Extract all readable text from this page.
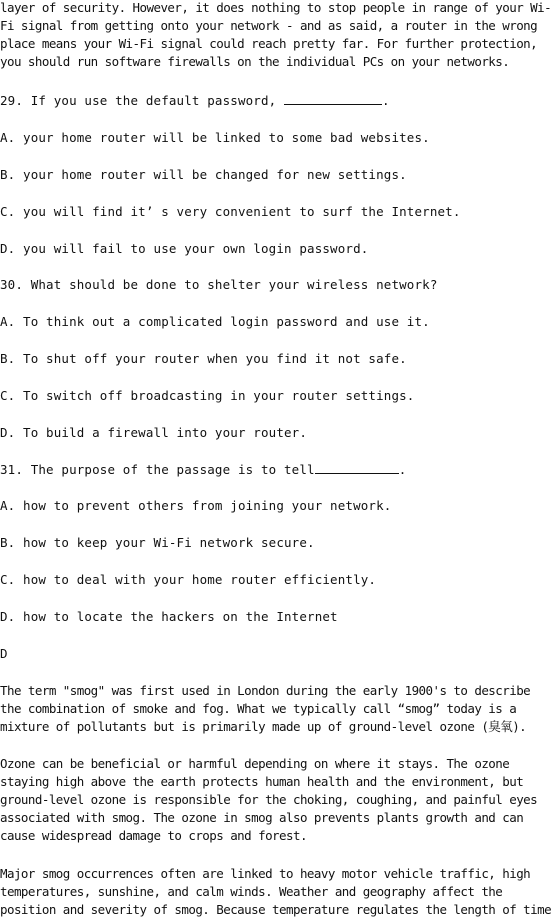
layer of security. However, it does nothing to stop people in range of your Wi-
Fi signal from getting onto your network - and as said, a router in the wrong
place means your Wi-Fi signal could reach pretty far. For further protection,
you should run software firewalls on the individual PCs on your networks.
29. If you use the default password,	.
A. your home router will be linked to some bad websites.
B. your home router will be changed for new settings.
C. you will find it’ s very convenient to surf the Internet.
D. you will fail to use your own login password.
30. What should be done to shelter your wireless network?
A. To think out a complicated login password and use it.
B. To shut off your router when you find it not safe.
C. To switch off broadcasting in your router settings.
D. To build a firewall into your router.
31. The purpose of the passage is to tell	.
A. how to prevent others from joining your network.
B. how to keep your Wi-Fi network secure.
C. how to deal with your home router efficiently.
D. how to locate the hackers on the Internet
D
The term "smog" was first used in London during the early 1900's to describe
the combination of smoke and fog. What we typically call “smog” today is a
mixture of pollutants but is primarily made up of ground-level ozone (臭氧).
Ozone can be beneficial or harmful depending on where it stays. The ozone
staying high above the earth protects human health and the environment, but
ground-level ozone is responsible for the choking, coughing, and painful eyes
associated with smog. The ozone in smog also prevents plants growth and can
cause widespread damage to crops and forest.
Major smog occurrences often are linked to heavy motor vehicle traffic, high
temperatures, sunshine, and calm winds. Weather and geography affect the
position and severity of smog. Because temperature regulates the length of time
